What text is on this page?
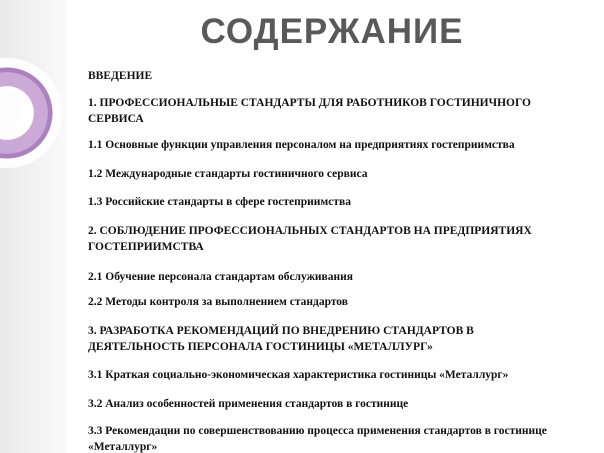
СОДЕРЖАНИЕ
ВВЕДЕНИЕ
1. ПРОФЕССИОНАЛЬНЫЕ СТАНДАРТЫ ДЛЯ РАБОТНИКОВ ГОСТИНИЧНОГО СЕРВИСА
1.1 Основные функции управления персоналом на предприятиях гостеприимства
1.2 Международные стандарты гостиничного сервиса
1.3 Российские стандарты в сфере гостеприимства
2. СОБЛЮДЕНИЕ ПРОФЕССИОНАЛЬНЫХ СТАНДАРТОВ НА ПРЕДПРИЯТИЯХ ГОСТЕПРИИМСТВА
2.1 Обучение персонала стандартам обслуживания
2.2 Методы контроля за выполнением стандартов
3. РАЗРАБОТКА РЕКОМЕНДАЦИЙ ПО ВНЕДРЕНИЮ СТАНДАРТОВ В ДЕЯТЕЛЬНОСТЬ ПЕРСОНАЛА ГОСТИНИЦЫ «МЕТАЛЛУРГ»
3.1 Краткая социально-экономическая характеристика гостиницы «Металлург»
3.2 Анализ особенностей применения стандартов в гостинице
3.3 Рекомендации по совершенствованию процесса применения стандартов в гостинице «Металлург»
